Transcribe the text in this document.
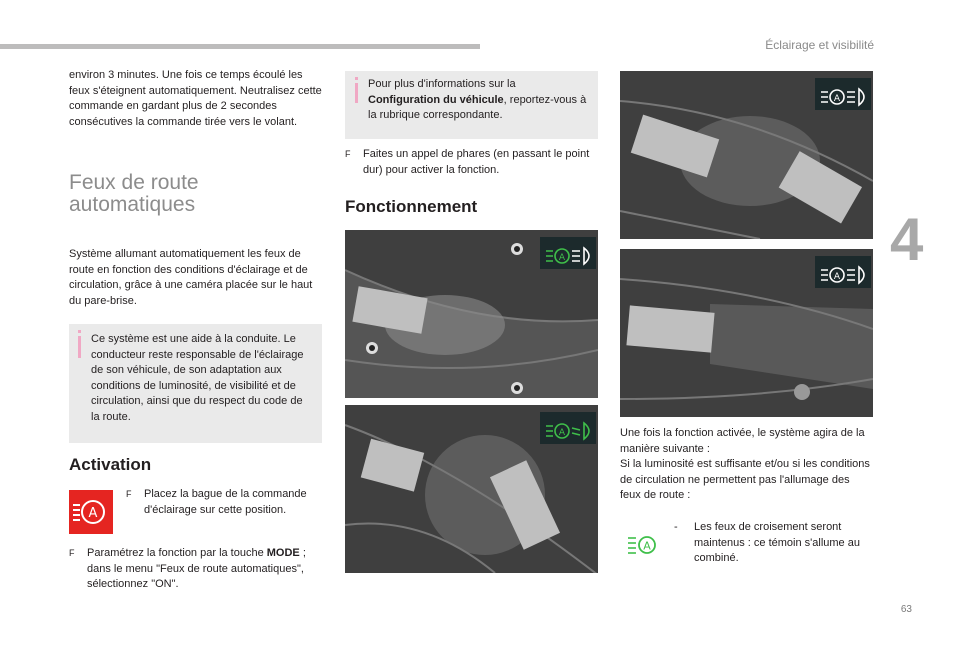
Éclairage et visibilité
4
63
environ 3 minutes. Une fois ce temps écoulé les feux s'éteignent automatiquement. Neutralisez cette commande en gardant plus de 2 secondes consécutives la commande tirée vers le volant.
Feux de route
automatiques
Système allumant automatiquement les feux de route en fonction des conditions d'éclairage et de circulation, grâce à une caméra placée sur le haut du pare-brise.
Ce système est une aide à la conduite. Le conducteur reste responsable de l'éclairage de son véhicule, de son adaptation aux conditions de luminosité, de visibilité et de circulation, ainsi que du respect du code de la route.
Activation
A
F Placez la bague de la commande d'éclairage sur cette position.
F Paramétrez la fonction par la touche MODE ; dans le menu "Feux de route automatiques", sélectionnez "ON".
Pour plus d'informations sur la Configuration du véhicule, reportez-vous à la rubrique correspondante.
F Faites un appel de phares (en passant le point dur) pour activer la fonction.
Fonctionnement
A
A
A
A
Une fois la fonction activée, le système agira de la manière suivante :
Si la luminosité est suffisante et/ou si les conditions de circulation ne permettent pas l'allumage des feux de route :
A
- Les feux de croisement seront maintenus : ce témoin s'allume au combiné.
